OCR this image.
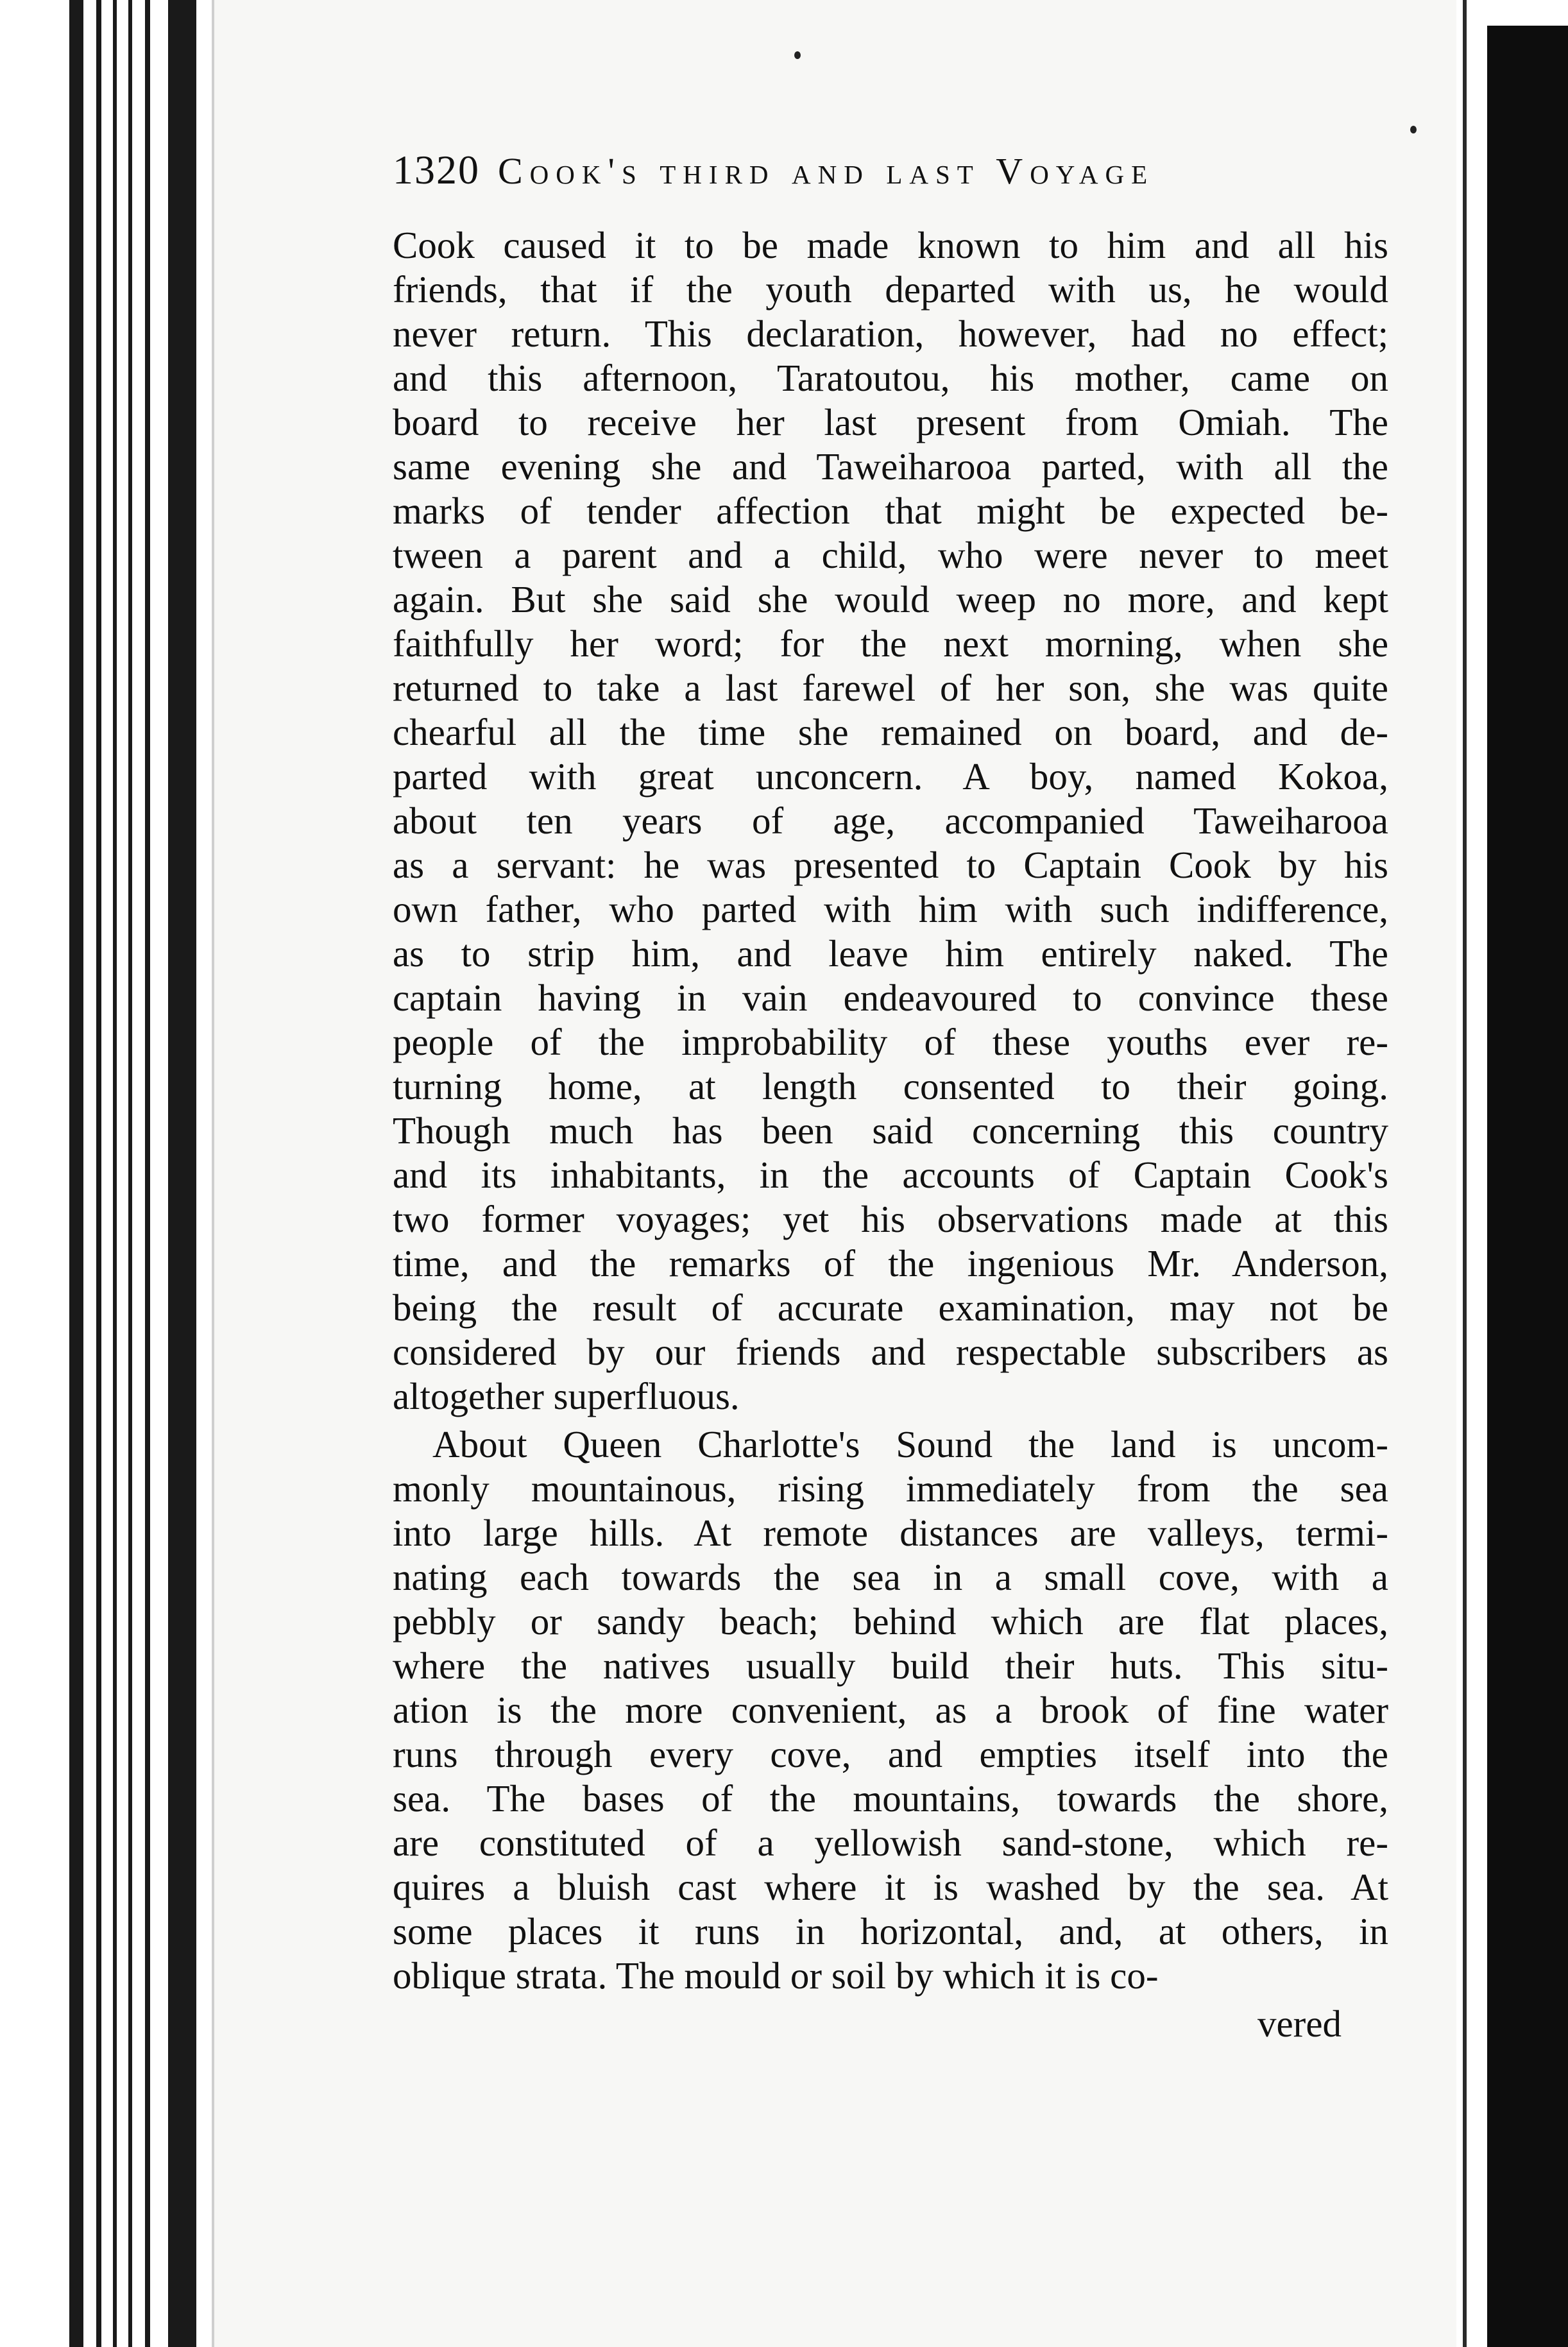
1320 Cook's third and last Voyage
Cook caused it to be made known to him and all his
friends, that if the youth departed with us, he would
never return. This declaration, however, had no effect;
and this afternoon, Taratoutou, his mother, came on
board to receive her last present from Omiah. The
same evening she and Taweiharooa parted, with all the
marks of tender affection that might be expected be-
tween a parent and a child, who were never to meet
again. But she said she would weep no more, and kept
faithfully her word; for the next morning, when she
returned to take a last farewel of her son, she was quite
chearful all the time she remained on board, and de-
parted with great unconcern. A boy, named Kokoa,
about ten years of age, accompanied Taweiharooa
as a servant: he was presented to Captain Cook by his
own father, who parted with him with such indifference,
as to strip him, and leave him entirely naked. The
captain having in vain endeavoured to convince these
people of the improbability of these youths ever re-
turning home, at length consented to their going.
Though much has been said concerning this country
and its inhabitants, in the accounts of Captain Cook's
two former voyages; yet his observations made at this
time, and the remarks of the ingenious Mr. Anderson,
being the result of accurate examination, may not be
considered by our friends and respectable subscribers as
altogether superfluous.
About Queen Charlotte's Sound the land is uncom-
monly mountainous, rising immediately from the sea
into large hills. At remote distances are valleys, termi-
nating each towards the sea in a small cove, with a
pebbly or sandy beach; behind which are flat places,
where the natives usually build their huts. This situ-
ation is the more convenient, as a brook of fine water
runs through every cove, and empties itself into the
sea. The bases of the mountains, towards the shore,
are constituted of a yellowish sand-stone, which re-
quires a bluish cast where it is washed by the sea. At
some places it runs in horizontal, and, at others, in
oblique strata. The mould or soil by which it is co-
vered
